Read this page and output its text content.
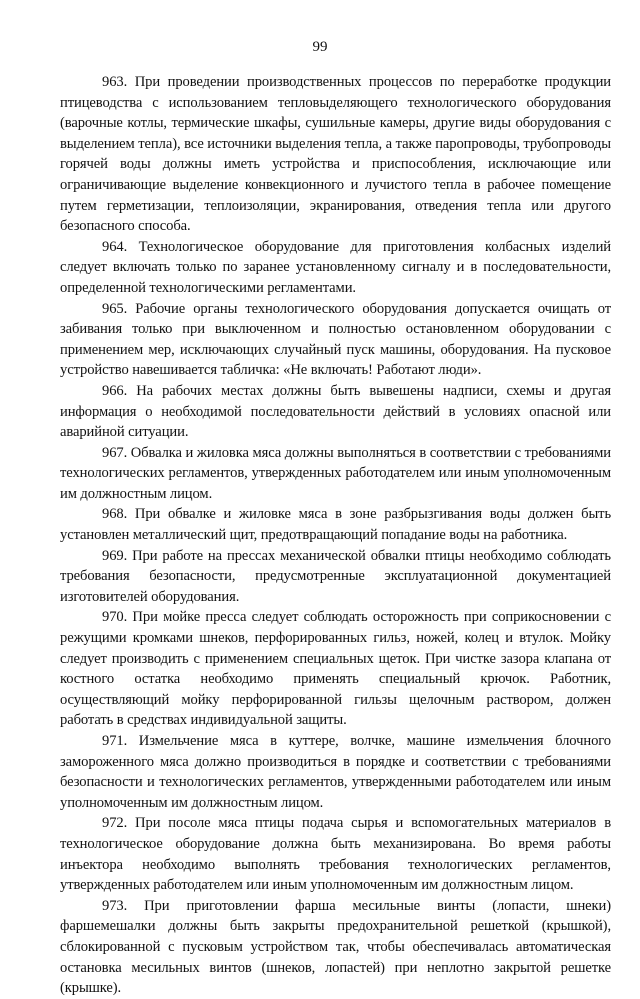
99

963. При проведении производственных процессов по переработке продукции птицеводства с использованием тепловыделяющего технологического оборудования (варочные котлы, термические шкафы, сушильные камеры, другие виды оборудования с выделением тепла), все источники выделения тепла, а также паропроводы, трубопроводы горячей воды должны иметь устройства и приспособления, исключающие или ограничивающие выделение конвекционного и лучистого тепла в рабочее помещение путем герметизации, теплоизоляции, экранирования, отведения тепла или другого безопасного способа.

964. Технологическое оборудование для приготовления колбасных изделий следует включать только по заранее установленному сигналу и в последовательности, определенной технологическими регламентами.

965. Рабочие органы технологического оборудования допускается очищать от забивания только при выключенном и полностью остановленном оборудовании с применением мер, исключающих случайный пуск машины, оборудования. На пусковое устройство навешивается табличка: «Не включать! Работают люди».

966. На рабочих местах должны быть вывешены надписи, схемы и другая информация о необходимой последовательности действий в условиях опасной или аварийной ситуации.

967. Обвалка и жиловка мяса должны выполняться в соответствии с требованиями технологических регламентов, утвержденных работодателем или иным уполномоченным им должностным лицом.

968. При обвалке и жиловке мяса в зоне разбрызгивания воды должен быть установлен металлический щит, предотвращающий попадание воды на работника.

969. При работе на прессах механической обвалки птицы необходимо соблюдать требования безопасности, предусмотренные эксплуатационной документацией изготовителей оборудования.

970. При мойке пресса следует соблюдать осторожность при соприкосновении с режущими кромками шнеков, перфорированных гильз, ножей, колец и втулок. Мойку следует производить с применением специальных щеток. При чистке зазора клапана от костного остатка необходимо применять специальный крючок. Работник, осуществляющий мойку перфорированной гильзы щелочным раствором, должен работать в средствах индивидуальной защиты.

971. Измельчение мяса в куттере, волчке, машине измельчения блочного замороженного мяса должно производиться в порядке и соответствии с требованиями безопасности и технологических регламентов, утвержденными работодателем или иным уполномоченным им должностным лицом.

972. При посоле мяса птицы подача сырья и вспомогательных материалов в технологическое оборудование должна быть механизирована. Во время работы инъектора необходимо выполнять требования технологических регламентов, утвержденных работодателем или иным уполномоченным им должностным лицом.

973. При приготовлении фарша месильные винты (лопасти, шнеки) фаршемешалки должны быть закрыты предохранительной решеткой (крышкой), сблокированной с пусковым устройством так, чтобы обеспечивалась автоматическая остановка месильных винтов (шнеков, лопастей) при неплотно закрытой решетке (крышке).
